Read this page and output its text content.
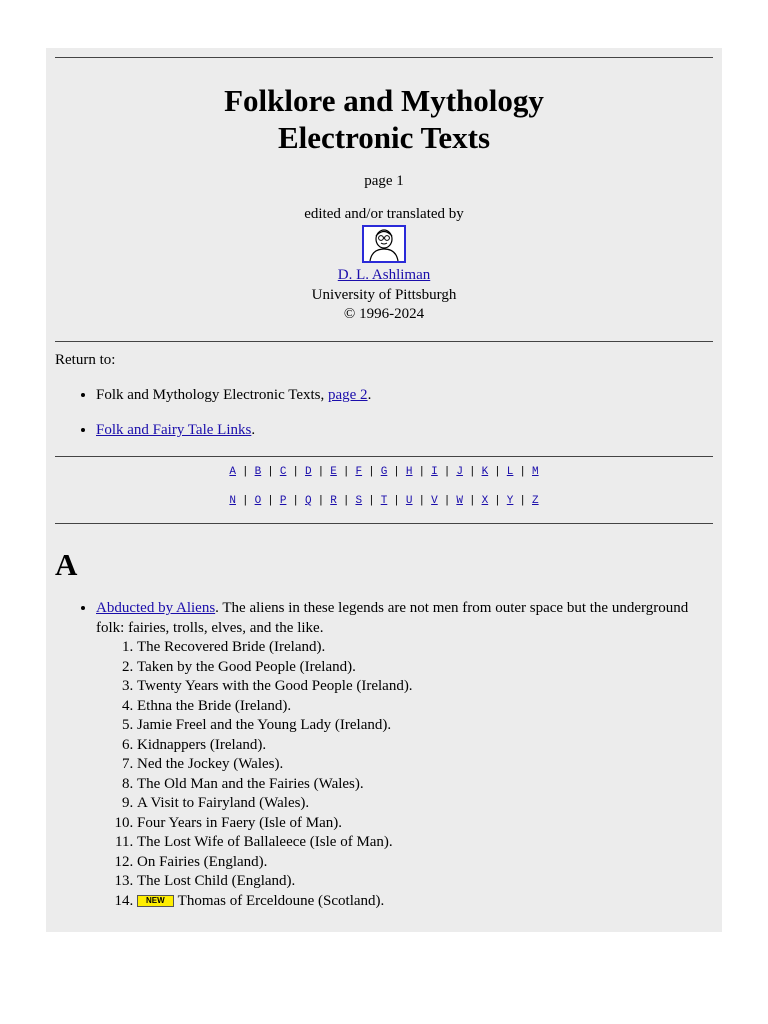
Folklore and Mythology
Electronic Texts

page 1

edited and/or translated by
D. L. Ashliman
University of Pittsburgh
© 1996-2024
Return to:
• Folk and Mythology Electronic Texts, page 2.
• Folk and Fairy Tale Links.
A | B | C | D | E | F | G | H | I | J | K | L | M
N | O | P | Q | R | S | T | U | V | W | X | Y | Z
A
• Abducted by Aliens. The aliens in these legends are not men from outer space but the underground folk: fairies, trolls, elves, and the like.
1. The Recovered Bride (Ireland).
2. Taken by the Good People (Ireland).
3. Twenty Years with the Good People (Ireland).
4. Ethna the Bride (Ireland).
5. Jamie Freel and the Young Lady (Ireland).
6. Kidnappers (Ireland).
7. Ned the Jockey (Wales).
8. The Old Man and the Fairies (Wales).
9. A Visit to Fairyland (Wales).
10. Four Years in Faery (Isle of Man).
11. The Lost Wife of Ballaleece (Isle of Man).
12. On Fairies (England).
13. The Lost Child (England).
14. NEW Thomas of Erceldoune (Scotland).
